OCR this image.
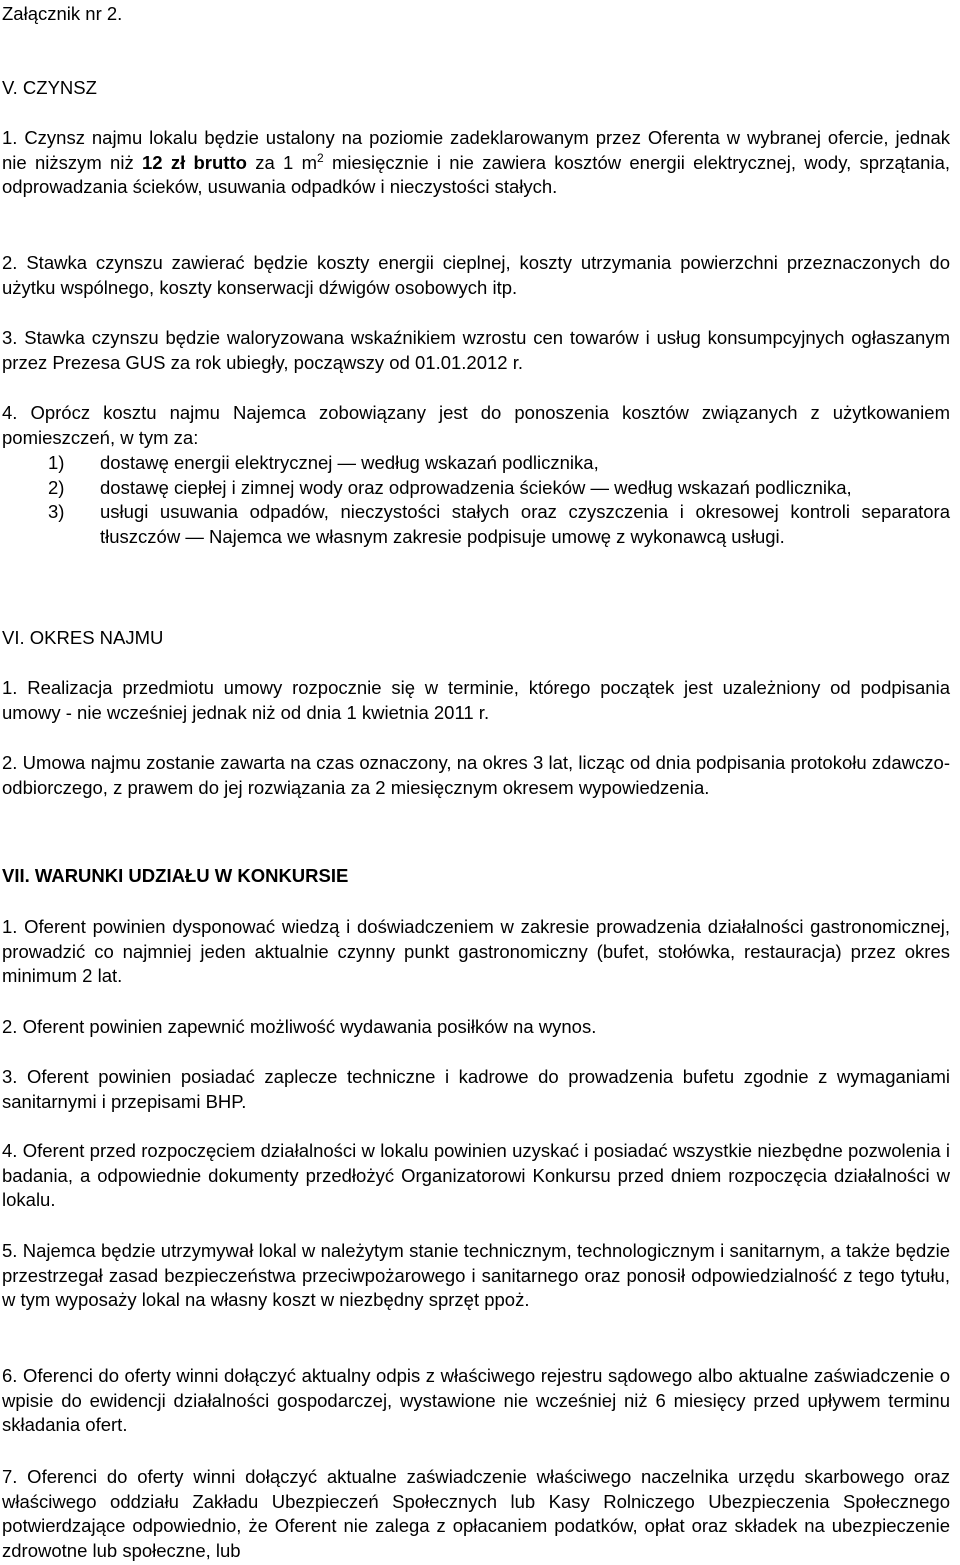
Załącznik nr 2.

V. CZYNSZ

1. Czynsz najmu lokalu będzie ustalony na poziomie zadeklarowanym przez Oferenta w wybranej ofercie, jednak nie niższym niż 12 zł brutto za 1 $m^2$ miesięcznie i nie zawiera kosztów energii elektrycznej, wody, sprzątania, odprowadzania ścieków, usuwania odpadków i nieczystości stałych.

2. Stawka czynszu zawierać będzie koszty energii cieplnej, koszty utrzymania powierzchni przeznaczonych do użytku wspólnego, koszty konserwacji dźwigów osobowych itp.

3. Stawka czynszu będzie waloryzowana wskaźnikiem wzrostu cen towarów i usług konsumpcyjnych ogłaszanym przez Prezesa GUS za rok ubiegły, począwszy od 01.01.2012 r.

4. Oprócz kosztu najmu Najemca zobowiązany jest do ponoszenia kosztów związanych z użytkowaniem pomieszczeń, w tym za:

1) dostawę energii elektrycznej — według wskazań podlicznika,
2) dostawę ciepłej i zimnej wody oraz odprowadzenia ścieków — według wskazań podlicznika,
3) usługi usuwania odpadów, nieczystości stałych oraz czyszczenia i okresowej kontroli separatora tłuszczów — Najemca we własnym zakresie podpisuje umowę z wykonawcą usługi.

VI. OKRES NAJMU

1. Realizacja przedmiotu umowy rozpocznie się w terminie, którego początek jest uzależniony od podpisania umowy - nie wcześniej jednak niż od dnia 1 kwietnia 2011 r.

2. Umowa najmu zostanie zawarta na czas oznaczony, na okres 3 lat, licząc od dnia podpisania protokołu zdawczo-odbiorczego, z prawem do jej rozwiązania za 2 miesięcznym okresem wypowiedzenia.

VII. WARUNKI UDZIAŁU W KONKURSIE

1. Oferent powinien dysponować wiedzą i doświadczeniem w zakresie prowadzenia działalności gastronomicznej, prowadzić co najmniej jeden aktualnie czynny punkt gastronomiczny (bufet, stołówka, restauracja) przez okres minimum 2 lat.

2. Oferent powinien zapewnić możliwość wydawania posiłków na wynos.

3. Oferent powinien posiadać zaplecze techniczne i kadrowe do prowadzenia bufetu zgodnie z wymaganiami sanitarnymi i przepisami BHP.

4. Oferent przed rozpoczęciem działalności w lokalu powinien uzyskać i posiadać wszystkie niezbędne pozwolenia i badania, a odpowiednie dokumenty przedłożyć Organizatorowi Konkursu przed dniem rozpoczęcia działalności w lokalu.

5. Najemca będzie utrzymywał lokal w należytym stanie technicznym, technologicznym i sanitarnym, a także będzie przestrzegał zasad bezpieczeństwa przeciwpożarowego i sanitarnego oraz ponosił odpowiedzialność z tego tytułu, w tym wyposaży lokal na własny koszt w niezbędny sprzęt ppoż.

6. Oferenci do oferty winni dołączyć aktualny odpis z właściwego rejestru sądowego albo aktualne zaświadczenie o wpisie do ewidencji działalności gospodarczej, wystawione nie wcześniej niż 6 miesięcy przed upływem terminu składania ofert.

7. Oferenci do oferty winni dołączyć aktualne zaświadczenie właściwego naczelnika urzędu skarbowego oraz właściwego oddziału Zakładu Ubezpieczeń Społecznych lub Kasy Rolniczego Ubezpieczenia Społecznego potwierdzające odpowiednio, że Oferent nie zalega z opłacaniem podatków, opłat oraz składek na ubezpieczenie zdrowotne lub społeczne, lub
